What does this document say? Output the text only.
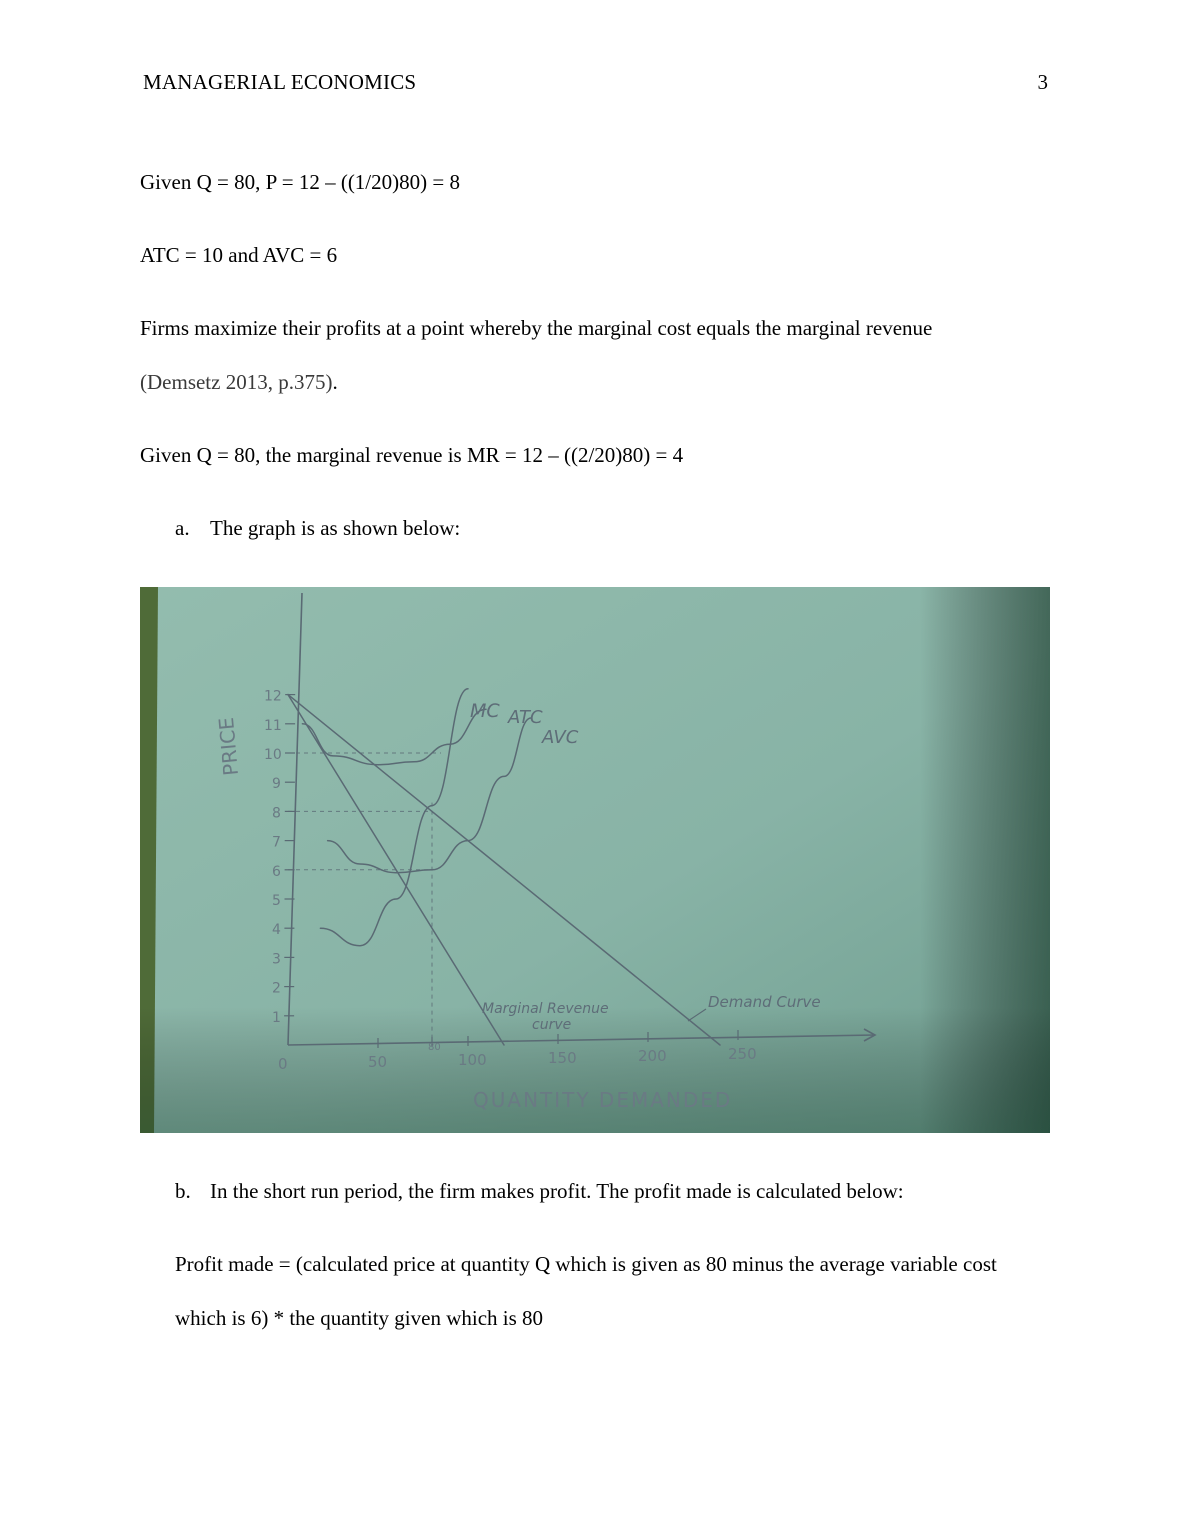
MANAGERIAL ECONOMICS	3

Given Q = 80, P = 12 – ((1/20)80) = 8

ATC = 10 and AVC = 6

Firms maximize their profits at a point whereby the marginal cost equals the marginal revenue
(Demsetz 2013, p.375).

Given Q = 80, the marginal revenue is MR = 12 – ((2/20)80) = 4

a. The graph is as shown below:
1
2
3
4
5
6
7
8
9
10
11
12
0	50
80
100	150	200	250
PRICE
QUANTITY DEMANDED
MC ATC
AVC
Marginal Revenue
curve
Demand Curve
b. In the short run period, the firm makes profit. The profit made is calculated below:

Profit made = (calculated price at quantity Q which is given as 80 minus the average variable cost which is 6) * the quantity given which is 80
